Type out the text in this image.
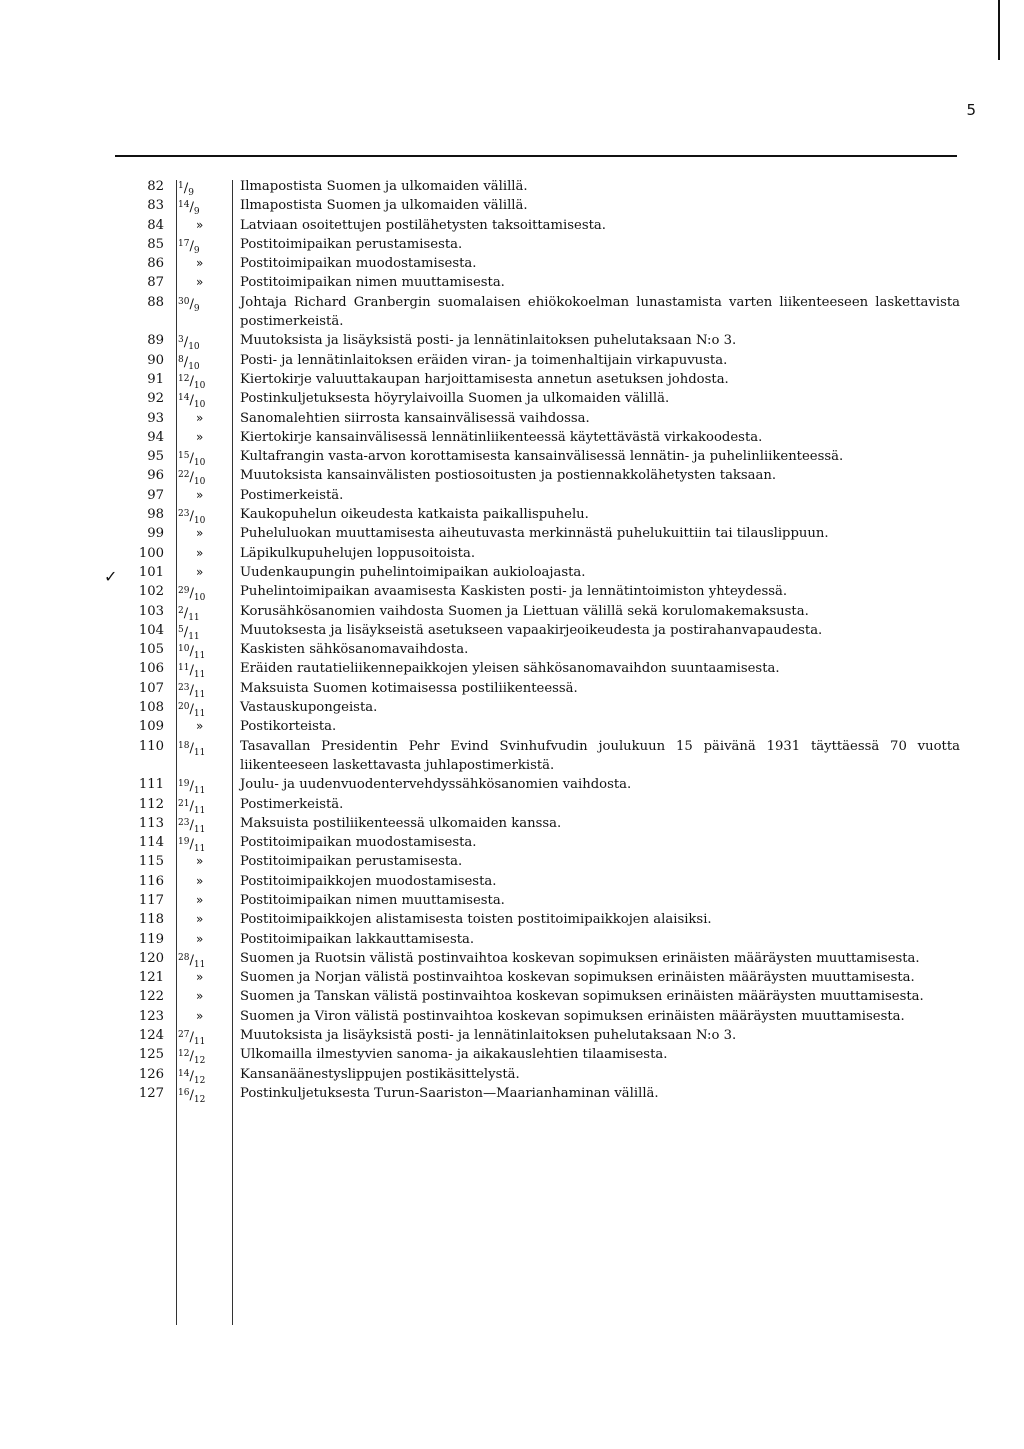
5
✓
82 $^1/_9$	Ilmapostista Suomen ja ulkomaiden välillä.
83 $^{14}/_9$	Ilmapostista Suomen ja ulkomaiden välillä.
84	»	Latviaan osoitettujen postilähetysten taksoittamisesta.
85 $^{17}/_9$	Postitoimipaikan perustamisesta.
86	»	Postitoimipaikan muodostamisesta.
87	»	Postitoimipaikan nimen muuttamisesta.
88 $^{30}/_9$	Johtaja Richard Granbergin suomalaisen ehiökokoelman lunastamista varten liikenteeseen laskettavista postimerkeistä.
89 $^3/_{10}$	Muutoksista ja lisäyksistä posti- ja lennätinlaitoksen puhelutaksaan N:o 3.
90 $^8/_{10}$	Posti- ja lennätinlaitoksen eräiden viran- ja toimenhaltijain virkapuvusta.
91 $^{12}/_{10}$	Kiertokirje valuuttakaupan harjoittamisesta annetun asetuksen johdosta.
92 $^{14}/_{10}$	Postinkuljetuksesta höyrylaivoilla Suomen ja ulkomaiden välillä.
93	»	Sanomalehtien siirrosta kansainvälisessä vaihdossa.
94	»	Kiertokirje kansainvälisessä lennätinliikenteessä käytettävästä virkakoodesta.
95 $^{15}/_{10}$	Kultafrangin vasta-arvon korottamisesta kansainvälisessä lennätin- ja puhelinliikenteessä.
96 $^{22}/_{10}$	Muutoksista kansainvälisten postiosoitusten ja postiennakkolähetysten taksaan.
97	»	Postimerkeistä.
98 $^{23}/_{10}$	Kaukopuhelun oikeudesta katkaista paikallispuhelu.
99	»	Puheluluokan muuttamisesta aiheutuvasta merkinnästä puhelukuittiin tai tilauslippuun.
100	»	Läpikulkupuhelujen loppusoitoista.
101	»	Uudenkaupungin puhelintoimipaikan aukioloajasta.
102 $^{29}/_{10}$	Puhelintoimipaikan avaamisesta Kaskisten posti- ja lennätintoimiston yhteydessä.
103 $^2/_{11}$	Korusähkösanomien vaihdosta Suomen ja Liettuan välillä sekä korulomakemaksusta.
104 $^5/_{11}$	Muutoksesta ja lisäykseistä asetukseen vapaakirjeoikeudesta ja postirahanvapaudesta.
105 $^{10}/_{11}$	Kaskisten sähkösanomavaihdosta.
106 $^{11}/_{11}$	Eräiden rautatieliikennepaikkojen yleisen sähkösanomavaihdon suuntaamisesta.
107 $^{23}/_{11}$	Maksuista Suomen kotimaisessa postiliikenteessä.
108 $^{20}/_{11}$	Vastauskupongeista.
109	»	Postikorteista.
110 $^{18}/_{11}$	Tasavallan Presidentin Pehr Evind Svinhufvudin joulukuun 15 päivänä 1931 täyttäessä 70 vuotta liikenteeseen laskettavasta juhlapostimerkistä.
111 $^{19}/_{11}$	Joulu- ja uudenvuodentervehdyssähkösanomien vaihdosta.
112 $^{21}/_{11}$	Postimerkeistä.
113 $^{23}/_{11}$	Maksuista postiliikenteessä ulkomaiden kanssa.
114 $^{19}/_{11}$	Postitoimipaikan muodostamisesta.
115	»	Postitoimipaikan perustamisesta.
116	»	Postitoimipaikkojen muodostamisesta.
117	»	Postitoimipaikan nimen muuttamisesta.
118	»	Postitoimipaikkojen alistamisesta toisten postitoimipaikkojen alaisiksi.
119	»	Postitoimipaikan lakkauttamisesta.
120 $^{28}/_{11}$	Suomen ja Ruotsin välistä postinvaihtoa koskevan sopimuksen erinäisten määräysten muuttamisesta.
121	»	Suomen ja Norjan välistä postinvaihtoa koskevan sopimuksen erinäisten määräysten muuttamisesta.
122	»	Suomen ja Tanskan välistä postinvaihtoa koskevan sopimuksen erinäisten määräysten muuttamisesta.
123	»	Suomen ja Viron välistä postinvaihtoa koskevan sopimuksen erinäisten määräysten muuttamisesta.
124 $^{27}/_{11}$	Muutoksista ja lisäyksistä posti- ja lennätinlaitoksen puhelutaksaan N:o 3.
125 $^{12}/_{12}$	Ulkomailla ilmestyvien sanoma- ja aikakauslehtien tilaamisesta.
126 $^{14}/_{12}$	Kansanäänestyslippujen postikäsittelystä.
127 $^{16}/_{12}$	Postinkuljetuksesta Turun-Saariston—Maarianhaminan välillä.
